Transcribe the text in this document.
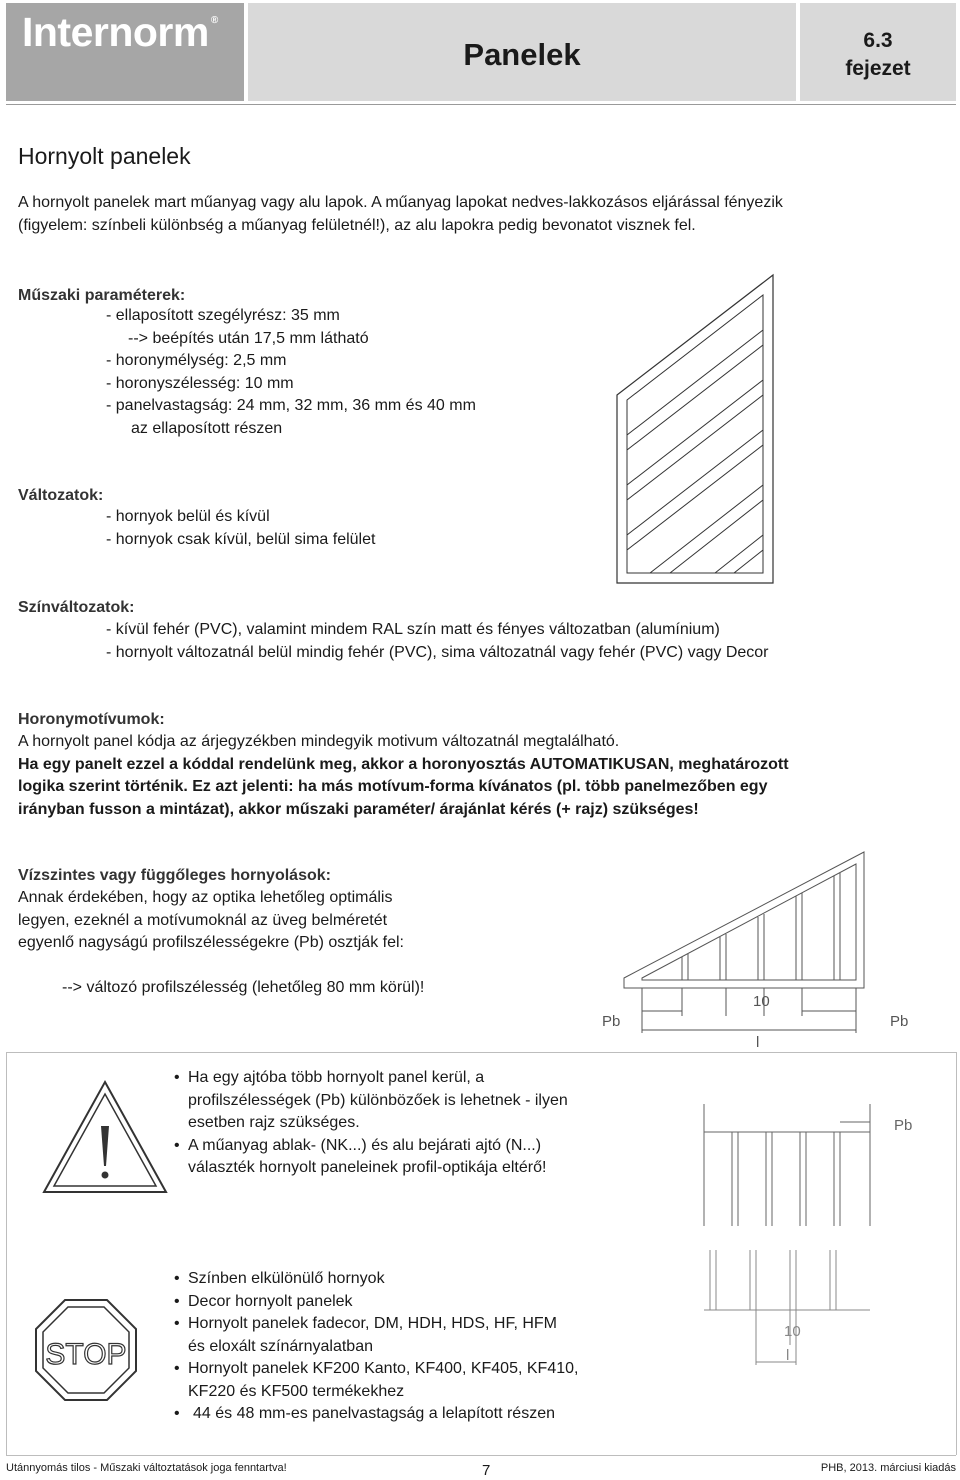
Internorm ®
Panelek	6.3
fejezet
Hornyolt panelek
A hornyolt panelek mart műanyag vagy alu lapok. A műanyag lapokat nedves-lakkozásos eljárással fényezik
(figyelem: színbeli különbség a műanyag felületnél!), az alu lapokra pedig bevonatot visznek fel.
Műszaki paraméterek:
- ellaposított szegélyrész: 35 mm
--> beépítés után 17,5 mm látható
- horonymélység: 2,5 mm
- horonyszélesség: 10 mm
- panelvastagság: 24 mm, 32 mm, 36 mm és 40 mm
az ellaposított részen
Változatok:
- hornyok belül és kívül
- hornyok csak kívül, belül sima felület
Színváltozatok:
- kívül fehér (PVC), valamint mindem RAL szín matt és fényes változatban (alumínium)
- hornyolt változatnál belül mindig fehér (PVC), sima változatnál vagy fehér (PVC) vagy Decor
Horonymotívumok:
A hornyolt panel kódja az árjegyzékben mindegyik motivum változatnál megtalálható.
Ha egy panelt ezzel a kóddal rendelünk meg, akkor a horonyosztás AUTOMATIKUSAN, meghatározott
logika szerint történik. Ez azt jelenti: ha más motívum-forma kívánatos (pl. több panelmezőben egy
irányban fusson a mintázat), akkor műszaki paraméter/ árajánlat kérés (+ rajz) szükséges!
Vízszintes vagy függőleges hornyolások:
Annak érdekében, hogy az optika lehetőleg optimális
legyen, ezeknél a motívumoknál az üveg belméretét
egyenlő nagyságú profilszélességekre (Pb) osztják fel:
--> változó profilszélesség (lehetőleg 80 mm körül)!
Pb
10
Pb
l
• Ha egy ajtóba több hornyolt panel kerül, a
profilszélességek (Pb) különbözőek is lehetnek - ilyen
esetben rajz szükséges.
• A műanyag ablak- (NK...) és alu bejárati ajtó (N...)
választék hornyolt paneleinek profil-optikája eltérő!
Pb
STOP
• Színben elkülönülő hornyok
• Decor hornyolt panelek
• Hornyolt panelek fadecor, DM, HDH, HDS, HF, HFM
és eloxált színárnyalatban
• Hornyolt panelek KF200 Kanto, KF400, KF405, KF410,
KF220 és KF500 termékekhez
• 44 és 48 mm-es panelvastagság a lelapított részen
10
l
Utánnyomás tilos - Műszaki változtatások joga fenntartva!	7	PHB, 2013. márciusi kiadás
